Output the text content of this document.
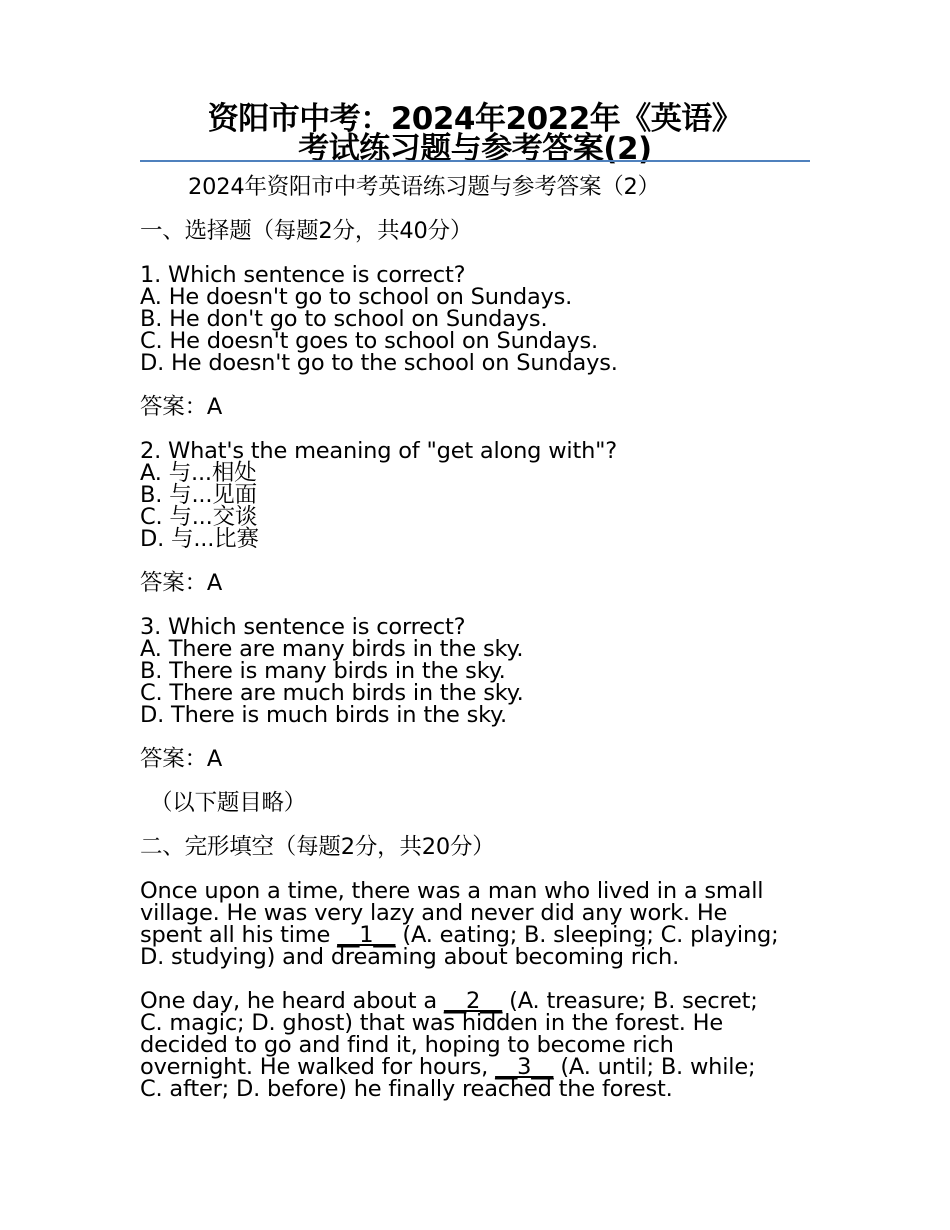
资阳市中考：2024年2022年《英语》
考试练习题与参考答案(2)
2024年资阳市中考英语练习题与参考答案（2）
一、选择题（每题2分，共40分）
1. Which sentence is correct?
A. He doesn't go to school on Sundays.
B. He don't go to school on Sundays.
C. He doesn't goes to school on Sundays.
D. He doesn't go to the school on Sundays.
答案：A
2. What's the meaning of "get along with"?
A. 与...相处
B. 与...见面
C. 与...交谈
D. 与...比赛
答案：A
3. Which sentence is correct?
A. There are many birds in the sky.
B. There is many birds in the sky.
C. There are much birds in the sky.
D. There is much birds in the sky.
答案：A
（以下题目略）
二、完形填空（每题2分，共20分）
Once upon a time, there was a man who lived in a small
village. He was very lazy and never did any work. He
spent all his time __1__ (A. eating; B. sleeping; C. playing;
D. studying) and dreaming about becoming rich.
One day, he heard about a __2__ (A. treasure; B. secret;
C. magic; D. ghost) that was hidden in the forest. He
decided to go and find it, hoping to become rich
overnight. He walked for hours, __3__ (A. until; B. while;
C. after; D. before) he finally reached the forest.
